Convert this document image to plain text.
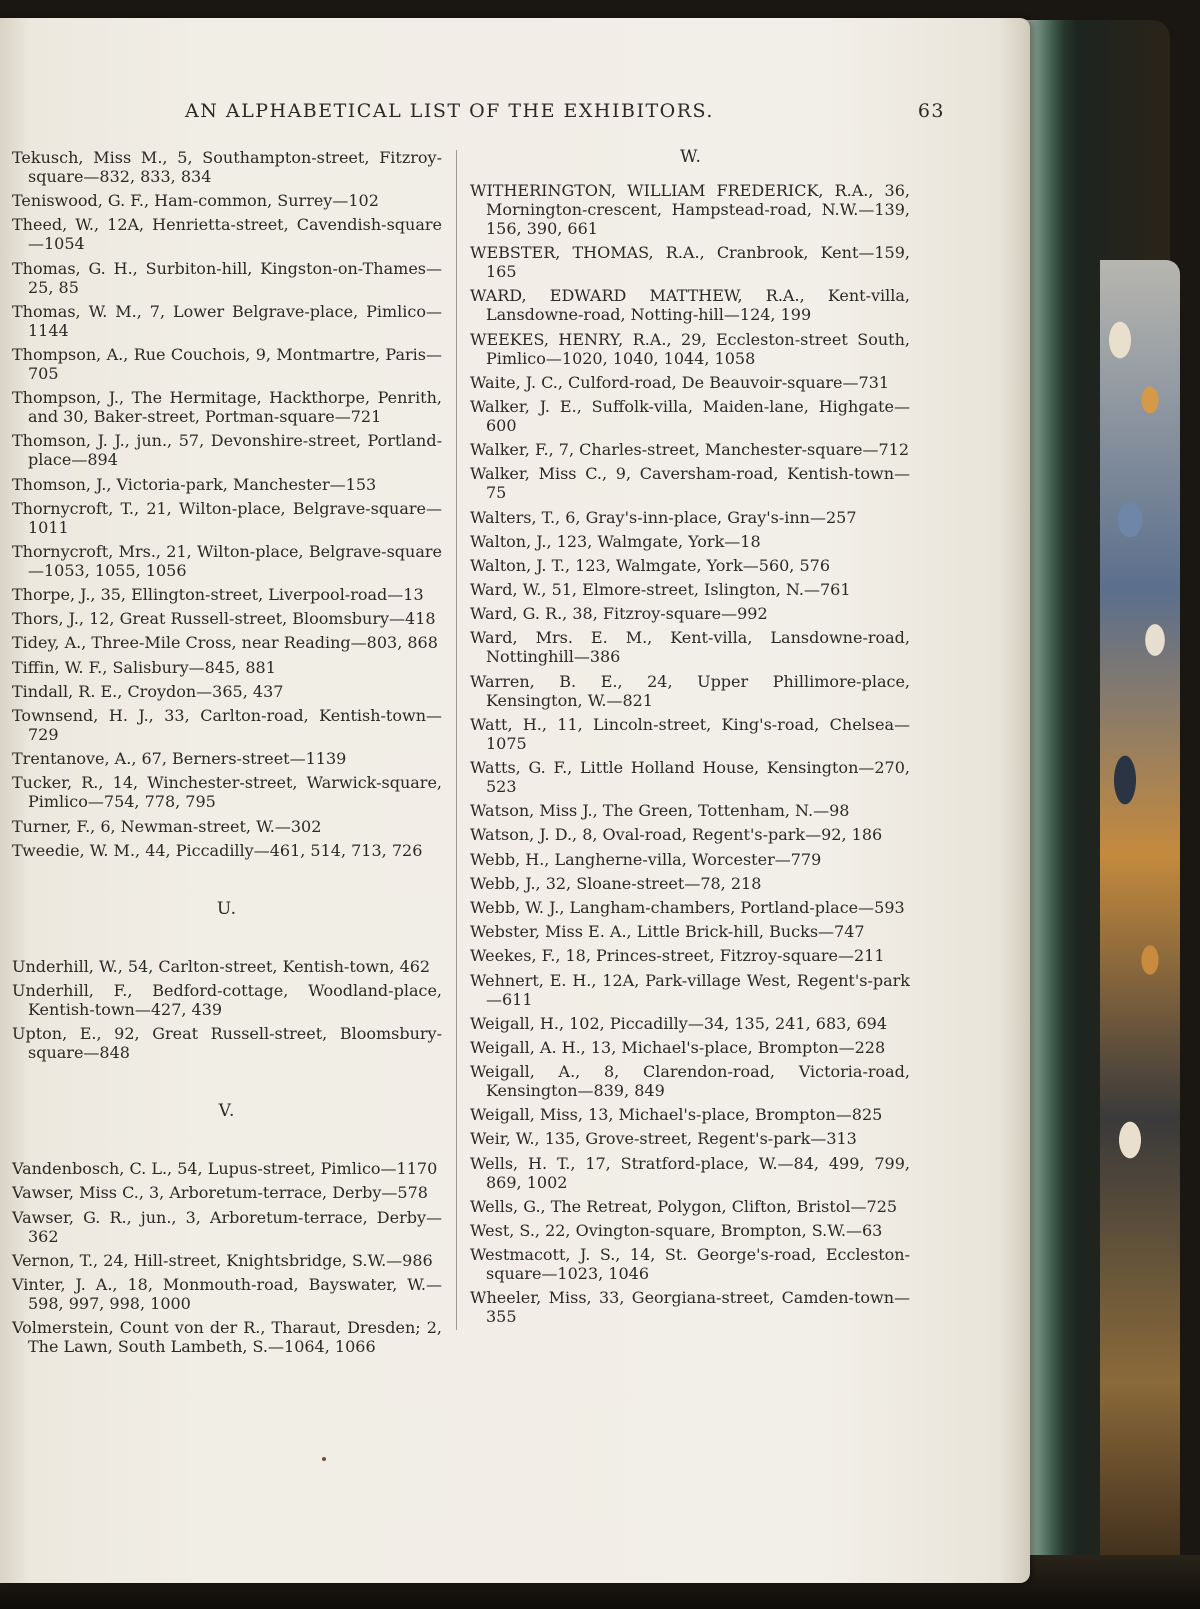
AN ALPHABETICAL LIST OF THE EXHIBITORS.	63
Tekusch, Miss M., 5, Southampton-street, Fitzroy-square—832, 833, 834
Teniswood, G. F., Ham-common, Surrey—102
Theed, W., 12A, Henrietta-street, Cavendish-square—1054
Thomas, G. H., Surbiton-hill, Kingston-on-Thames—25, 85
Thomas, W. M., 7, Lower Belgrave-place, Pimlico—1144
Thompson, A., Rue Couchois, 9, Montmartre, Paris—705
Thompson, J., The Hermitage, Hackthorpe, Penrith, and 30, Baker-street, Portman-square—721
Thomson, J. J., jun., 57, Devonshire-street, Portland-place—894
Thomson, J., Victoria-park, Manchester—153
Thornycroft, T., 21, Wilton-place, Belgrave-square—1011
Thornycroft, Mrs., 21, Wilton-place, Belgrave-square—1053, 1055, 1056
Thorpe, J., 35, Ellington-street, Liverpool-road—13
Thors, J., 12, Great Russell-street, Bloomsbury—418
Tidey, A., Three-Mile Cross, near Reading—803, 868
Tiffin, W. F., Salisbury—845, 881
Tindall, R. E., Croydon—365, 437
Townsend, H. J., 33, Carlton-road, Kentish-town—729
Trentanove, A., 67, Berners-street—1139
Tucker, R., 14, Winchester-street, Warwick-square, Pimlico—754, 778, 795
Turner, F., 6, Newman-street, W.—302
Tweedie, W. M., 44, Piccadilly—461, 514, 713, 726
U.
Underhill, W., 54, Carlton-street, Kentish-town, 462
Underhill, F., Bedford-cottage, Woodland-place, Kentish-town—427, 439
Upton, E., 92, Great Russell-street, Bloomsbury-square—848
V.
Vandenbosch, C. L., 54, Lupus-street, Pimlico—1170
Vawser, Miss C., 3, Arboretum-terrace, Derby—578
Vawser, G. R., jun., 3, Arboretum-terrace, Derby—362
Vernon, T., 24, Hill-street, Knightsbridge, S.W.—986
Vinter, J. A., 18, Monmouth-road, Bayswater, W.—598, 997, 998, 1000
Volmerstein, Count von der R., Tharaut, Dresden; 2, The Lawn, South Lambeth, S.—1064, 1066
W.
WITHERINGTON, WILLIAM FREDERICK, R.A., 36, Mornington-crescent, Hampstead-road, N.W.—139, 156, 390, 661
WEBSTER, THOMAS, R.A., Cranbrook, Kent—159, 165
WARD, EDWARD MATTHEW, R.A., Kent-villa, Lansdowne-road, Notting-hill—124, 199
WEEKES, HENRY, R.A., 29, Eccleston-street South, Pimlico—1020, 1040, 1044, 1058
Waite, J. C., Culford-road, De Beauvoir-square—731
Walker, J. E., Suffolk-villa, Maiden-lane, Highgate—600
Walker, F., 7, Charles-street, Manchester-square—712
Walker, Miss C., 9, Caversham-road, Kentish-town—75
Walters, T., 6, Gray's-inn-place, Gray's-inn—257
Walton, J., 123, Walmgate, York—18
Walton, J. T., 123, Walmgate, York—560, 576
Ward, W., 51, Elmore-street, Islington, N.—761
Ward, G. R., 38, Fitzroy-square—992
Ward, Mrs. E. M., Kent-villa, Lansdowne-road, Nottinghill—386
Warren, B. E., 24, Upper Phillimore-place, Kensington, W.—821
Watt, H., 11, Lincoln-street, King's-road, Chelsea—1075
Watts, G. F., Little Holland House, Kensington—270, 523
Watson, Miss J., The Green, Tottenham, N.—98
Watson, J. D., 8, Oval-road, Regent's-park—92, 186
Webb, H., Langherne-villa, Worcester—779
Webb, J., 32, Sloane-street—78, 218
Webb, W. J., Langham-chambers, Portland-place—593
Webster, Miss E. A., Little Brick-hill, Bucks—747
Weekes, F., 18, Princes-street, Fitzroy-square—211
Wehnert, E. H., 12A, Park-village West, Regent's-park—611
Weigall, H., 102, Piccadilly—34, 135, 241, 683, 694
Weigall, A. H., 13, Michael's-place, Brompton—228
Weigall, A., 8, Clarendon-road, Victoria-road, Kensington—839, 849
Weigall, Miss, 13, Michael's-place, Brompton—825
Weir, W., 135, Grove-street, Regent's-park—313
Wells, H. T., 17, Stratford-place, W.—84, 499, 799, 869, 1002
Wells, G., The Retreat, Polygon, Clifton, Bristol—725
West, S., 22, Ovington-square, Brompton, S.W.—63
Westmacott, J. S., 14, St. George's-road, Eccleston-square—1023, 1046
Wheeler, Miss, 33, Georgiana-street, Camden-town—355
